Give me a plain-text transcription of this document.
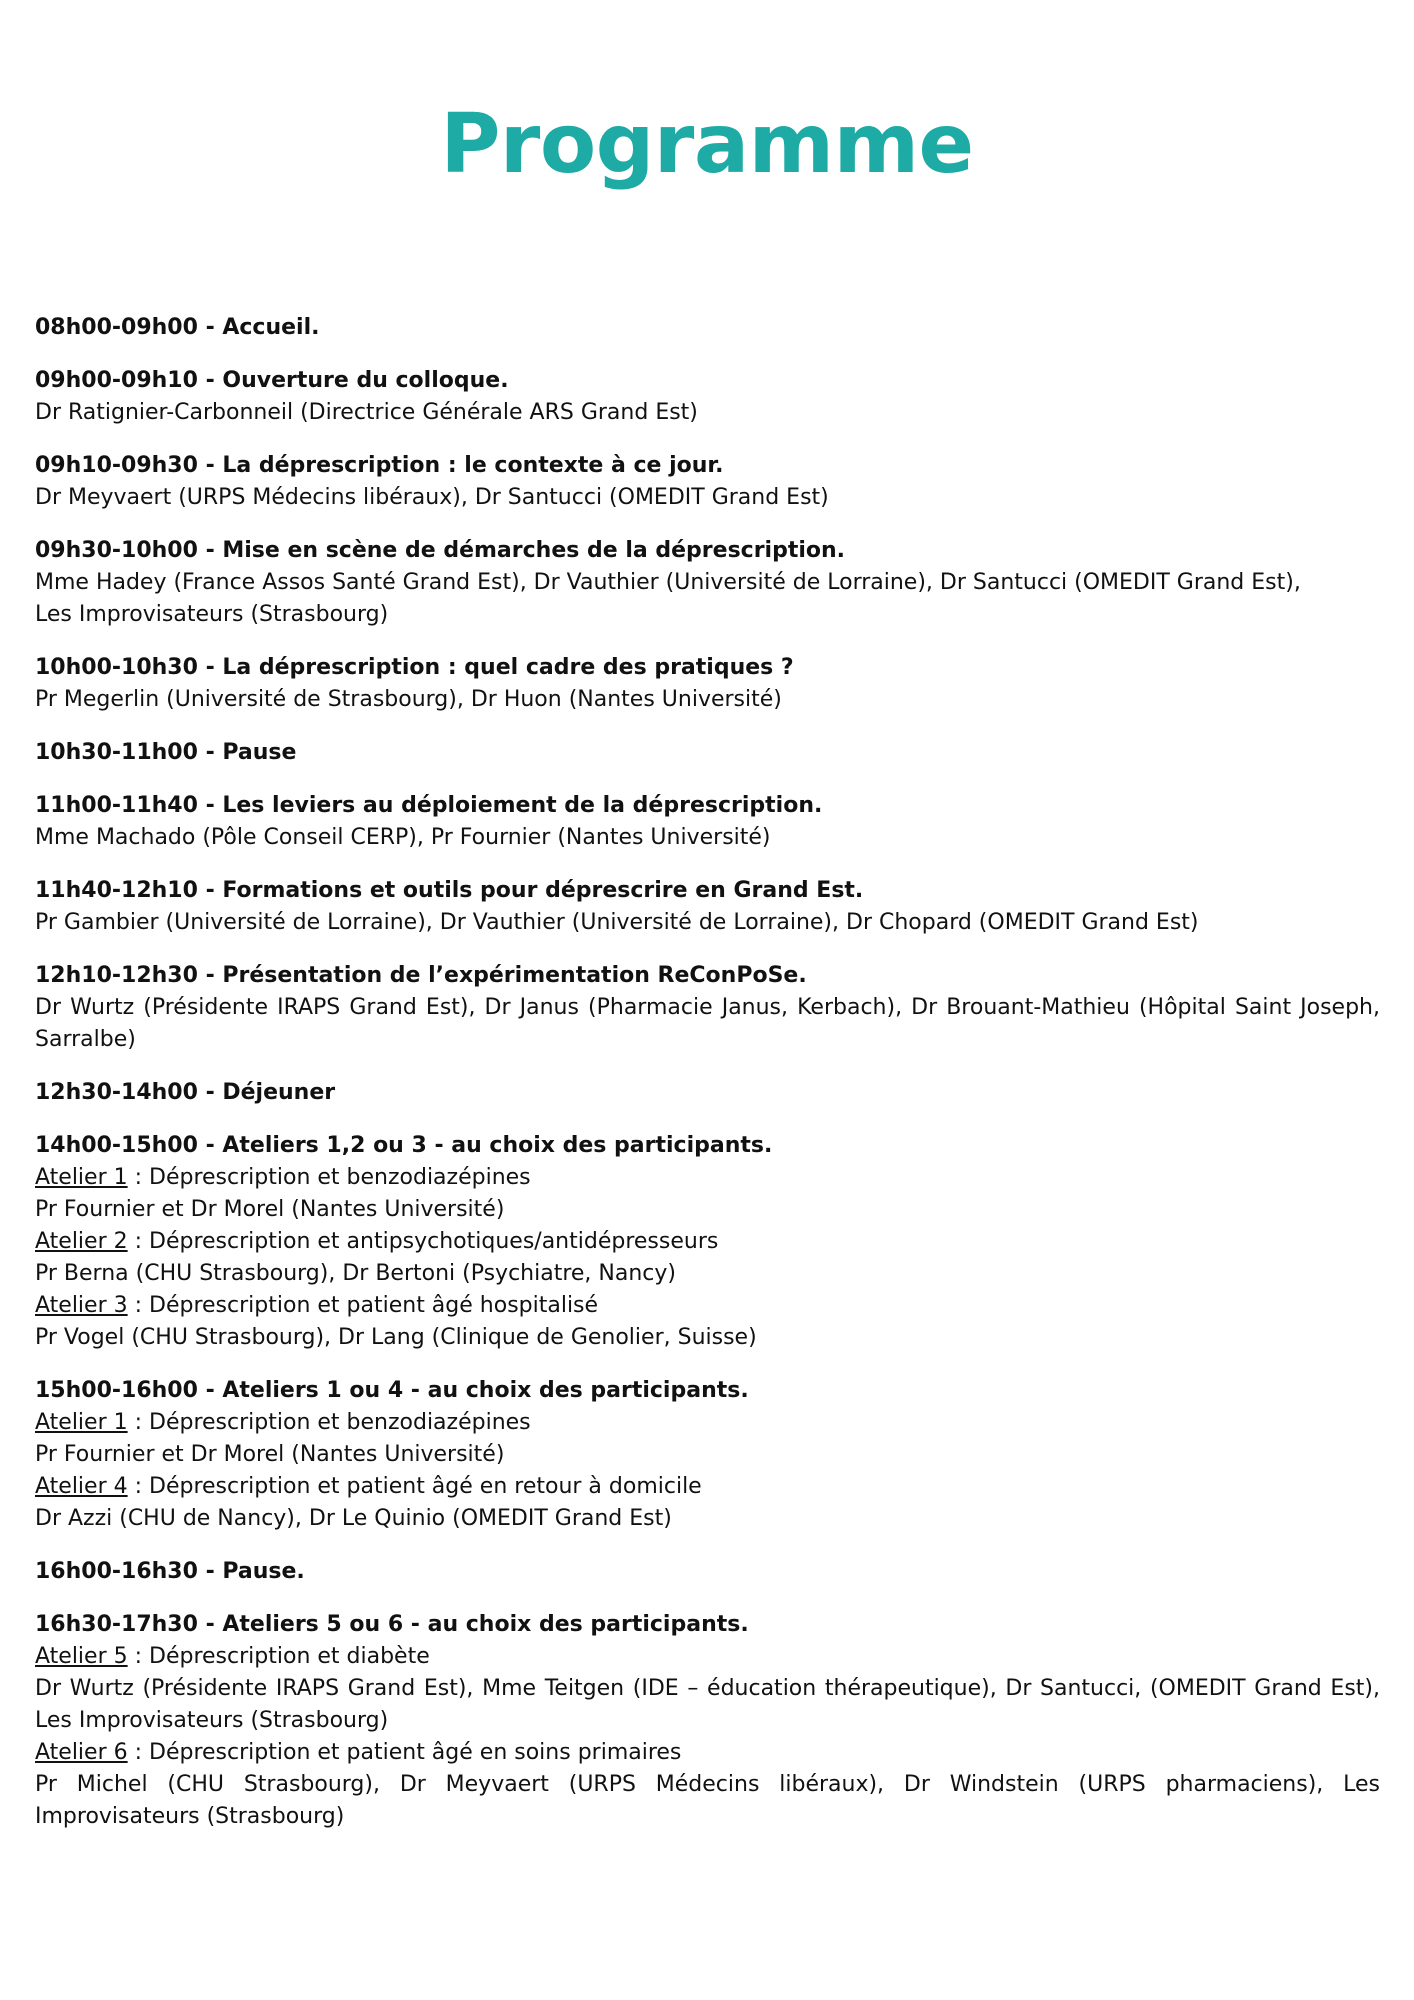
Programme
08h00-09h00 - Accueil.
09h00-09h10 - Ouverture du colloque.
Dr Ratignier-Carbonneil (Directrice Générale ARS Grand Est)
09h10-09h30 - La déprescription : le contexte à ce jour.
Dr Meyvaert (URPS Médecins libéraux), Dr Santucci (OMEDIT Grand Est)
09h30-10h00 - Mise en scène de démarches de la déprescription.
Mme Hadey (France Assos Santé Grand Est), Dr Vauthier (Université de Lorraine), Dr Santucci (OMEDIT Grand Est),
Les Improvisateurs (Strasbourg)
10h00-10h30 - La déprescription : quel cadre des pratiques ?
Pr Megerlin (Université de Strasbourg), Dr Huon (Nantes Université)
10h30-11h00 - Pause
11h00-11h40 - Les leviers au déploiement de la déprescription.
Mme Machado (Pôle Conseil CERP), Pr Fournier (Nantes Université)
11h40-12h10 - Formations et outils pour déprescrire en Grand Est.
Pr Gambier (Université de Lorraine), Dr Vauthier (Université de Lorraine), Dr Chopard (OMEDIT Grand Est)
12h10-12h30 - Présentation de l’expérimentation ReConPoSe.
Dr Wurtz (Présidente IRAPS Grand Est), Dr Janus (Pharmacie Janus, Kerbach), Dr Brouant-Mathieu (Hôpital Saint Joseph, Sarralbe)
12h30-14h00 - Déjeuner
14h00-15h00 - Ateliers 1,2 ou 3 - au choix des participants.
Atelier 1 : Déprescription et benzodiazépines
Pr Fournier et Dr Morel (Nantes Université)
Atelier 2 : Déprescription et antipsychotiques/antidépresseurs
Pr Berna (CHU Strasbourg), Dr Bertoni (Psychiatre, Nancy)
Atelier 3 : Déprescription et patient âgé hospitalisé
Pr Vogel (CHU Strasbourg), Dr Lang (Clinique de Genolier, Suisse)
15h00-16h00 - Ateliers 1 ou 4 - au choix des participants.
Atelier 1 : Déprescription et benzodiazépines
Pr Fournier et Dr Morel (Nantes Université)
Atelier 4 : Déprescription et patient âgé en retour à domicile
Dr Azzi (CHU de Nancy), Dr Le Quinio (OMEDIT Grand Est)
16h00-16h30 - Pause.
16h30-17h30 - Ateliers 5 ou 6 - au choix des participants.
Atelier 5 : Déprescription et diabète
Dr Wurtz (Présidente IRAPS Grand Est), Mme Teitgen (IDE – éducation thérapeutique), Dr Santucci, (OMEDIT Grand Est), Les Improvisateurs (Strasbourg)
Atelier 6 : Déprescription et patient âgé en soins primaires
Pr Michel (CHU Strasbourg), Dr Meyvaert (URPS Médecins libéraux), Dr Windstein (URPS pharmaciens), Les Improvisateurs (Strasbourg)
